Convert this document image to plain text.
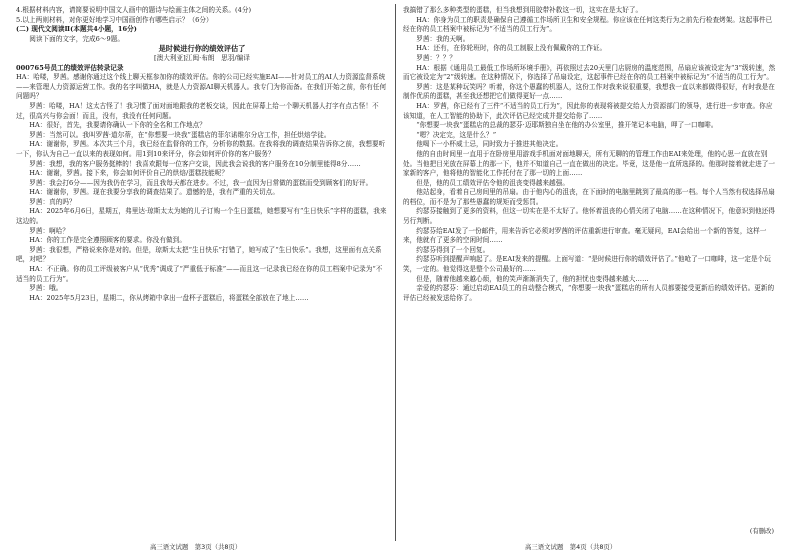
4.根据材料内容，请简要说明中国文人画中的题诗与绘画主体之间的关系。(4分)

5.以上两则材料，对你更好地学习中国画创作有哪些启示？（6分）

(二) 现代文阅读Ⅱ(本题共4小题，16分)

阅读下面的文字，完成6～9题。

是时候进行你的绩效评估了

[澳大利亚]江闽·布朗　思羽/编译

000765号员工的绩效评估转录记录

HA：哈喽，罗茜。感谢你通过这个线上聊天框参加你的绩效评估。你的公司已经实施EAI——针对员工的AI人力资源监督系统——来管理人力资源运营工作。我的名字叫做HA，就是人力资源AI聊天机器人。我专门为你而备。在我们开始之前，你有任何问题吗？

罗茜：哈喽，HA！这太古怪了！我习惯了面对面地跟我的老板交谈，因此在屏幕上给一个聊天机器人打字有点古怪！不过，很高兴与你会面！而且，没有，我没有任何问题。

HA：很好，首先，我要请你确认一下你的全名和工作地点？

罗茜：当然可以。我叫罗茜·道尔蒂，在“你想要一块我”蛋糕店的菲尔诺维尔分店工作，担任烘焙学徒。

HA：谢谢你，罗茜。本次共三个月，我已经在监督你的工作，分析你的数据。在我将我的调查结果告诉你之前，我想要听一下，你认为自己一直以来的表现如何。用1到10来评分，你会如何评价你的客户服务？

罗茜：我想，我的客户服务挺棒的！我喜欢跟每一位客户交谈，因此我会说我的客户服务在10分制里能得8分……

HA：谢谢，罗茜。接下来，你会如何评价自己的烘焙/蛋糕技能呢？

罗茜：我会打6分——因为我仍在学习，而且我每天都在进步。不过，我一直因为日常做的蛋糕而受到顾客们的好评。

HA：谢谢你，罗茜。现在我要分享我的调查结果了。遗憾的是，我有严重的关切点。

罗茜：真的吗？

HA：2025年6月6日，星期五，弗里达·琼斯太太为她的儿子订购一个生日蛋糕，她想要写有“生日快乐”字样的蛋糕，我来这边的。

罗茜：啊哈？

HA：你的工作是完全遵照顾客的要求。你没有做到。

罗茜：我很想，严格说来你是对的。但是，琼斯太太把“生日快乐”打错了，她写成了“生日快乐”。我想，这里面有点关系吧，对吧？

HA：不正确。你的员工评级被客户从“优秀”调成了“严重低于标准”——而且这一记录我已经在你的员工档案中记录为“不适当的员工行为”。

罗茜：哦。

HA：2025年5月23日，星期二，你从烤箱中拿出一盘杯子蛋糕后，将蛋糕全部放在了地上……

我搞错了那么多种类型的蛋糕，但当我想到用胶带补救这一切，这实在是太好了。

HA：你身为员工的职责是确保自己遵循工作场所卫生和安全规程。你应该在任何这类行为之前先行检查烤架。这起事件已经在你的员工档案中被标记为“不适当的员工行为”。

罗茜：我的天啊。

HA：还有，在你轮班时，你的员工制服上没有佩戴你的工作证。

罗茜：？？？

HA：根据《通用员工最低工作场所环境手册》，再依照过去20天里门店厨房的温度范围，吊扇应该被设定为“3”级转速，然而它被设定为“2”级转速。在这种情况下，你选择了吊扇设定，这起事件已经在你的员工档案中被标记为“不适当的员工行为”。

罗茜：这是某种玩笑吗？听着，你这个愚蠢的机器人，这份工作对我来说很重要，我想我一直以来都做得很好，有时我是在制作优质的蛋糕，甚至我还想把它们做得更好一点……

HA：罗茜，你已经有了三件“不适当的员工行为”，因此你的表现将被提交给人力资源部门的领导，进行进一步审查。你应该知道，在人工智能的协助下，此次评估已经完成并提交给你了……

“你想要一块我”蛋糕店的总裁的瑟芬·迈耶斯独自坐在他的办公室里，推开笔记本电脑，呷了一口咖啡。

“嗯？决定完，这是什么？”

他喝下一小杯威士忌，同时致力于推进其他决定。

他的自由时间里一直用于在卧房里用游戏手机面对面地聊天，所有无聊的的管理工作由EAI来处理，他的心思一直放在别处。当他把目光放在屏幕上的那一下，他并不知道自己一直在做出的决定。毕竟，这是他一直所选择的。他那时接着就走进了一家新的客户，他将他的智能化工作托付在了那一切的上面……

但是，他的员工绩效评估令他的沮丧变得越来越强。

他站起身，看着自己房间里的吊扇。由于他内心的沮丧，在下面时的电脑里跳到了最高的那一档。每个人当然有权选择吊扇的档位，而不是为了那些愚蠢的规矩而受惩罚。

约瑟芬接触到了更多的资料，但这一切实在是不太好了。他怀着沮丧的心情关闭了电脑……在这种情况下，他意识到他还得另行判断。

约瑟芬给EAI发了一份邮件，用来告诉它必须对罗茜的评估重新进行审查。毫无疑问，EAI会给出一个新的答复，这样一来，他就有了更多的空闲时间……

约瑟芬得到了一个回复。

约瑟芬听到提醒声响起了。是EAI发来的提醒。上面写道：“是时候进行你的绩效评估了。”他呛了一口咖啡，这一定是个玩笑，一定的。他觉得这是整个公司最好的……

但是，随着他越来越心烦，他的笑声渐渐消失了，他的担忧也变得越来越大……

亲爱的约瑟芬：通过启动EAI员工的自动整合模式，“你想要一块我”蛋糕店的所有人员都要接受更新后的绩效评估。更新的评估已经被发送给你了。

(有删改)
高三语文试题　第3页（共8页）	高三语文试题　第4页（共8页）
